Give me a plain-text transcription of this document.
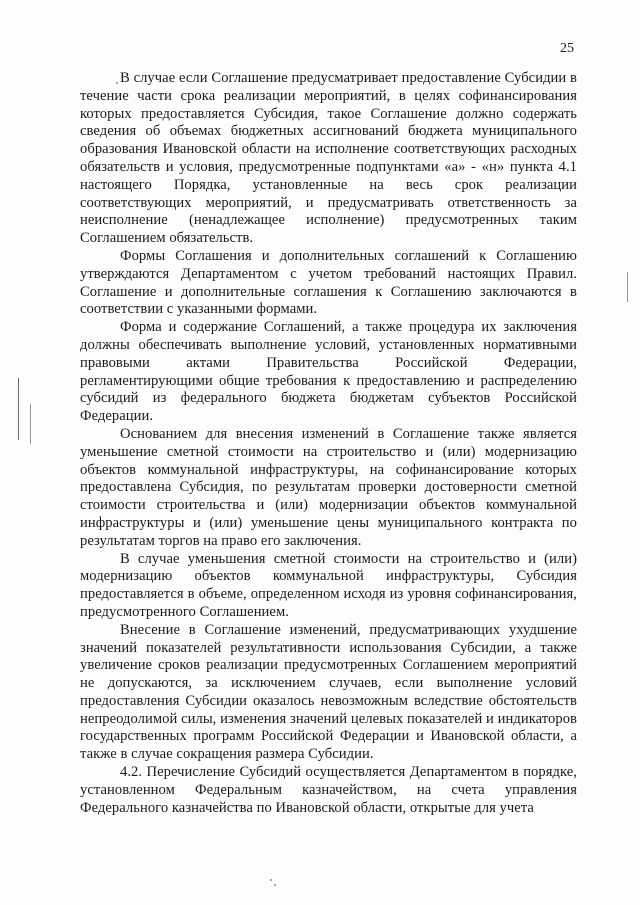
25

В случае если Соглашение предусматривает предоставление Субсидии в течение части срока реализации мероприятий, в целях софинансирования которых предоставляется Субсидия, такое Соглашение должно содержать сведения об объемах бюджетных ассигнований бюджета муниципального образования Ивановской области на исполнение соответствующих расходных обязательств и условия, предусмотренные подпунктами «а» - «н» пункта 4.1 настоящего Порядка, установленные на весь срок реализации соответствующих мероприятий, и предусматривать ответственность за неисполнение (ненадлежащее исполнение) предусмотренных таким Соглашением обязательств.

Формы Соглашения и дополнительных соглашений к Соглашению утверждаются Департаментом с учетом требований настоящих Правил. Соглашение и дополнительные соглашения к Соглашению заключаются в соответствии с указанными формами.

Форма и содержание Соглашений, а также процедура их заключения должны обеспечивать выполнение условий, установленных нормативными правовыми актами Правительства Российской Федерации, регламентирующими общие требования к предоставлению и распределению субсидий из федерального бюджета бюджетам субъектов Российской Федерации.

Основанием для внесения изменений в Соглашение также является уменьшение сметной стоимости на строительство и (или) модернизацию объектов коммунальной инфраструктуры, на софинансирование которых предоставлена Субсидия, по результатам проверки достоверности сметной стоимости строительства и (или) модернизации объектов коммунальной инфраструктуры и (или) уменьшение цены муниципального контракта по результатам торгов на право его заключения.

В случае уменьшения сметной стоимости на строительство и (или) модернизацию объектов коммунальной инфраструктуры, Субсидия предоставляется в объеме, определенном исходя из уровня софинансирования, предусмотренного Соглашением.

Внесение в Соглашение изменений, предусматривающих ухудшение значений показателей результативности использования Субсидии, а также увеличение сроков реализации предусмотренных Соглашением мероприятий не допускаются, за исключением случаев, если выполнение условий предоставления Субсидии оказалось невозможным вследствие обстоятельств непреодолимой силы, изменения значений целевых показателей и индикаторов государственных программ Российской Федерации и Ивановской области, а также в случае сокращения размера Субсидии.

4.2. Перечисление Субсидий осуществляется Департаментом в порядке, установленном Федеральным казначейством, на счета управления Федерального казначейства по Ивановской области, открытые для учета
